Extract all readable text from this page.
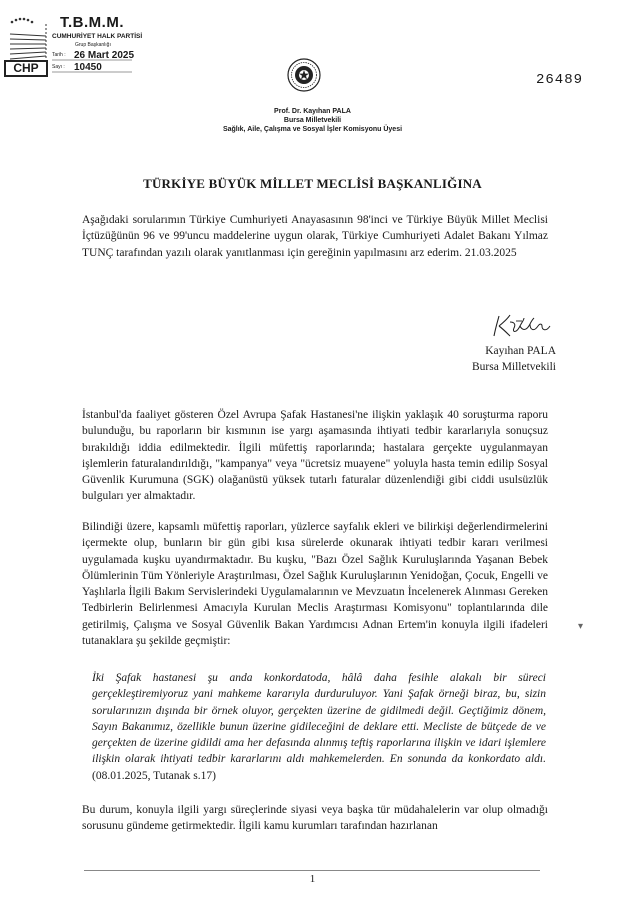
CHP
T.B.M.M.
CUMHURİYET HALK PARTİSİ
Grup Başkanlığı
Tarih : 26 Mart 2025
Sayı : 10450
26489
Prof. Dr. Kayıhan PALA
Bursa Milletvekili
Sağlık, Aile, Çalışma ve Sosyal İşler Komisyonu Üyesi
TÜRKİYE BÜYÜK MİLLET MECLİSİ BAŞKANLIĞINA
Aşağıdaki sorularımın Türkiye Cumhuriyeti Anayasasının 98'inci ve Türkiye Büyük Millet Meclisi İçtüzüğünün 96 ve 99'uncu maddelerine uygun olarak, Türkiye Cumhuriyeti Adalet Bakanı Yılmaz TUNÇ tarafından yazılı olarak yanıtlanması için gereğinin yapılmasını arz ederim. 21.03.2025
Kayıhan PALA
Bursa Milletvekili
İstanbul'da faaliyet gösteren Özel Avrupa Şafak Hastanesi'ne ilişkin yaklaşık 40 soruşturma raporu bulunduğu, bu raporların bir kısmının ise yargı aşamasında ihtiyati tedbir kararlarıyla sonuçsuz bırakıldığı iddia edilmektedir. İlgili müfettiş raporlarında; hastalara gerçekte uygulanmayan işlemlerin faturalandırıldığı, "kampanya" veya "ücretsiz muayene" yoluyla hasta temin edilip Sosyal Güvenlik Kurumuna (SGK) olağanüstü yüksek tutarlı faturalar düzenlendiği gibi ciddi usulsüzlük bulguları yer almaktadır.
Bilindiği üzere, kapsamlı müfettiş raporları, yüzlerce sayfalık ekleri ve bilirkişi değerlendirmelerini içermekte olup, bunların bir gün gibi kısa sürelerde okunarak ihtiyati tedbir kararı verilmesi uygulamada kuşku uyandırmaktadır. Bu kuşku, "Bazı Özel Sağlık Kuruluşlarında Yaşanan Bebek Ölümlerinin Tüm Yönleriyle Araştırılması, Özel Sağlık Kuruluşlarının Yenidoğan, Çocuk, Engelli ve Yaşlılarla İlgili Bakım Servislerindeki Uygulamalarının ve Mevzuatın İncelenerek Alınması Gereken Tedbirlerin Belirlenmesi Amacıyla Kurulan Meclis Araştırması Komisyonu" toplantılarında dile getirilmiş, Çalışma ve Sosyal Güvenlik Bakan Yardımcısı Adnan Ertem'in konuyla ilgili ifadeleri tutanaklara şu şekilde geçmiştir:
İki Şafak hastanesi şu anda konkordatoda, hâlâ daha fesihle alakalı bir süreci gerçekleştiremiyoruz yani mahkeme kararıyla durduruluyor. Yani Şafak örneği biraz, bu, sizin sorularınızın dışında bir örnek oluyor, gerçekten üzerine de gidilmedi değil. Geçtiğimiz dönem, Sayın Bakanımız, özellikle bunun üzerine gidileceğini de deklare etti. Mecliste de bütçede de ve gerçekten de üzerine gidildi ama her defasında alınmış teftiş raporlarına ilişkin ve idari işlemlere ilişkin olarak ihtiyati tedbir kararlarını aldı mahkemelerden. En sonunda da konkordato aldı. (08.01.2025, Tutanak s.17)
Bu durum, konuyla ilgili yargı süreçlerinde siyasi veya başka tür müdahalelerin var olup olmadığı sorusunu gündeme getirmektedir. İlgili kamu kurumları tarafından hazırlanan
▾
1
